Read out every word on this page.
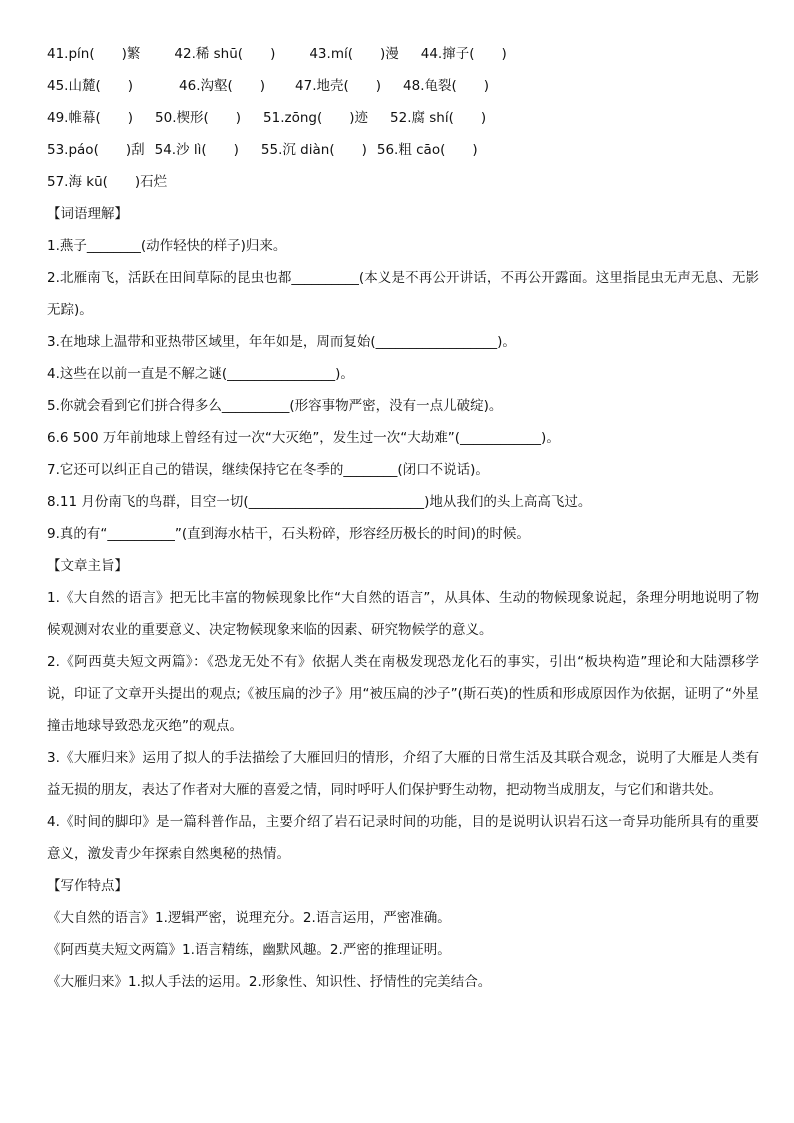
41.pín(　　)繁	42.稀 shū(　　)	43.mí(　　)漫 44.撺子(　　)
45.山麓(　　)	46.沟壑(　　) 47.地壳(　　) 48.龟裂(　　)
49.帷幕(　　) 50.楔形(　　) 51.zōng(　　)迹 52.腐 shí(　　)
53.páo(　　)刮 54.沙 lì(　　) 55.沉 diàn(　　) 56.粗 cāo(　　)
57.海 kū(　　)石烂
【词语理解】
1.燕子________(动作轻快的样子)归来。
2.北雁南飞，活跃在田间草际的昆虫也都__________(本义是不再公开讲话，不再公开露面。这里指昆虫无声无息、无影无踪)。
3.在地球上温带和亚热带区域里，年年如是，周而复始(__________________)。
4.这些在以前一直是不解之谜(________________)。
5.你就会看到它们拼合得多么__________(形容事物严密，没有一点儿破绽)。
6.6 500 万年前地球上曾经有过一次“大灭绝”，发生过一次“大劫难”(____________)。
7.它还可以纠正自己的错误，继续保持它在冬季的________(闭口不说话)。
8.11 月份南飞的鸟群，目空一切(__________________________)地从我们的头上高高飞过。
9.真的有“__________”(直到海水枯干，石头粉碎，形容经历极长的时间)的时候。
【文章主旨】
1.《大自然的语言》把无比丰富的物候现象比作“大自然的语言”，从具体、生动的物候现象说起，条理分明地说明了物候观测对农业的重要意义、决定物候现象来临的因素、研究物候学的意义。
2.《阿西莫夫短文两篇》：《恐龙无处不有》依据人类在南极发现恐龙化石的事实，引出“板块构造”理论和大陆漂移学说，印证了文章开头提出的观点;《被压扁的沙子》用“被压扁的沙子”(斯石英)的性质和形成原因作为依据，证明了“外星撞击地球导致恐龙灭绝”的观点。
3.《大雁归来》运用了拟人的手法描绘了大雁回归的情形，介绍了大雁的日常生活及其联合观念，说明了大雁是人类有益无损的朋友，表达了作者对大雁的喜爱之情，同时呼吁人们保护野生动物，把动物当成朋友，与它们和谐共处。
4.《时间的脚印》是一篇科普作品，主要介绍了岩石记录时间的功能，目的是说明认识岩石这一奇异功能所具有的重要意义，激发青少年探索自然奥秘的热情。
【写作特点】
《大自然的语言》1.逻辑严密，说理充分。2.语言运用，严密准确。
《阿西莫夫短文两篇》1.语言精练，幽默风趣。2.严密的推理证明。
《大雁归来》1.拟人手法的运用。2.形象性、知识性、抒情性的完美结合。
